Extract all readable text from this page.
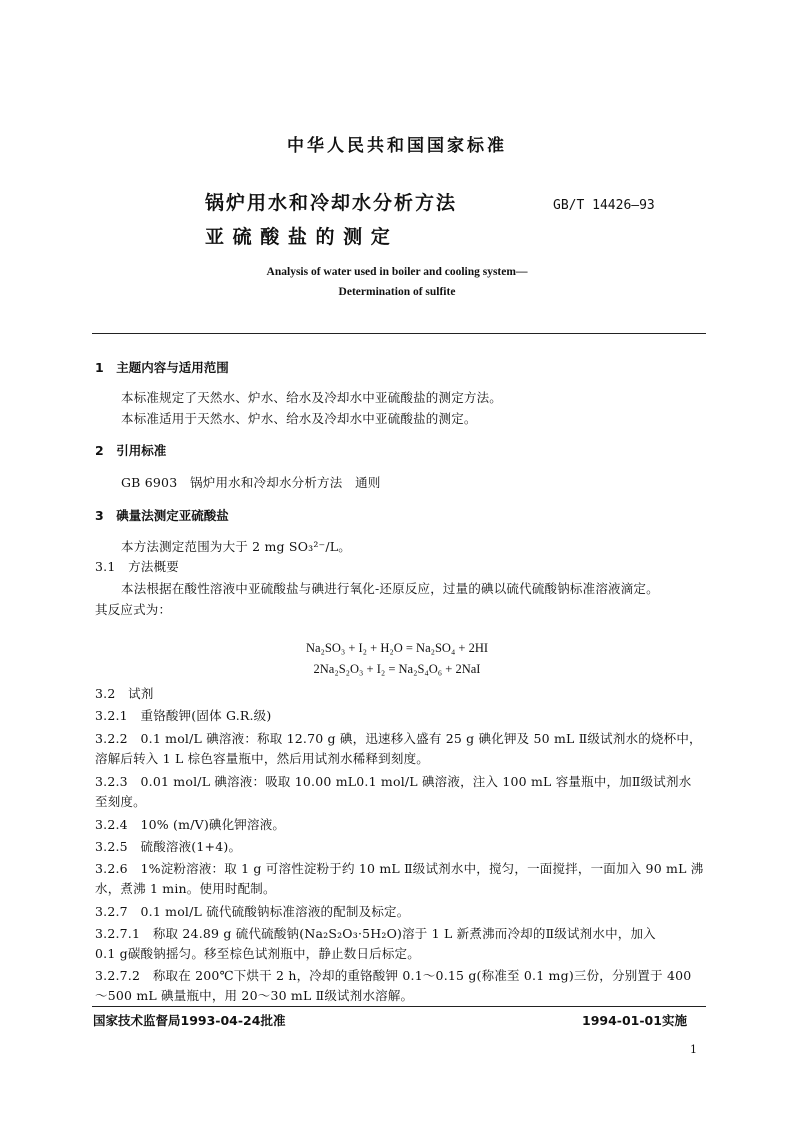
中华人民共和国国家标准
锅炉用水和冷却水分析方法
亚 硫 酸 盐 的 测 定
GB/T 14426—93
Analysis of water used in boiler and cooling system—
Determination of sulfite
1　主题内容与适用范围
本标准规定了天然水、炉水、给水及冷却水中亚硫酸盐的测定方法。
本标准适用于天然水、炉水、给水及冷却水中亚硫酸盐的测定。
2　引用标准
GB 6903　锅炉用水和冷却水分析方法　通则
3　碘量法测定亚硫酸盐
本方法测定范围为大于 2 mg SO₃²⁻/L。
3.1　方法概要
本法根据在酸性溶液中亚硫酸盐与碘进行氧化-还原反应，过量的碘以硫代硫酸钠标准溶液滴定。
其反应式为：
Na₂SO₃ + I₂ + H₂O = Na₂SO₄ + 2HI
2Na₂S₂O₃ + I₂ = Na₂S₄O₆ + 2NaI
3.2　试剂
3.2.1　重铬酸钾(固体 G.R.级)
3.2.2　0.1 mol/L 碘溶液：称取 12.70 g 碘，迅速移入盛有 25 g 碘化钾及 50 mL Ⅱ级试剂水的烧杯中，
溶解后转入 1 L 棕色容量瓶中，然后用试剂水稀释到刻度。
3.2.3　0.01 mol/L 碘溶液：吸取 10.00 mL0.1 mol/L 碘溶液，注入 100 mL 容量瓶中，加Ⅱ级试剂水
至刻度。
3.2.4　10% (m/V)碘化钾溶液。
3.2.5　硫酸溶液(1+4)。
3.2.6　1%淀粉溶液：取 1 g 可溶性淀粉于约 10 mL Ⅱ级试剂水中，搅匀，一面搅拌，一面加入 90 mL 沸
水，煮沸 1 min。使用时配制。
3.2.7　0.1 mol/L 硫代硫酸钠标准溶液的配制及标定。
3.2.7.1　称取 24.89 g 硫代硫酸钠(Na₂S₂O₃·5H₂O)溶于 1 L 新煮沸而冷却的Ⅱ级试剂水中，加入
0.1 g碳酸钠摇匀。移至棕色试剂瓶中，静止数日后标定。
3.2.7.2　称取在 200℃下烘干 2 h，冷却的重铬酸钾 0.1～0.15 g(称准至 0.1 mg)三份，分别置于 400
～500 mL 碘量瓶中，用 20～30 mL Ⅱ级试剂水溶解。
国家技术监督局1993-04-24批准	1994-01-01实施
1
